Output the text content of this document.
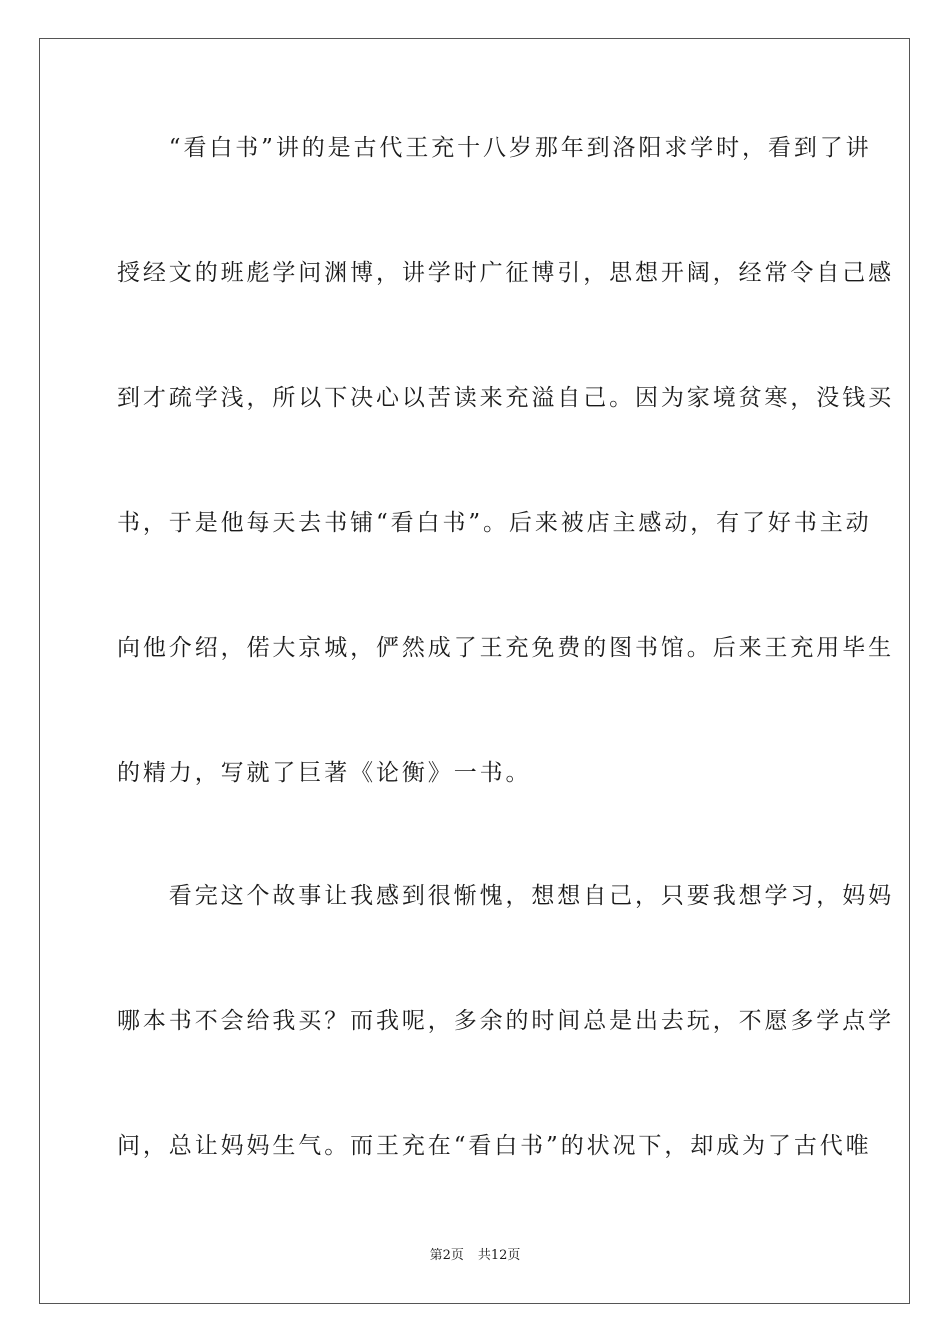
　　“看白书”讲的是古代王充十八岁那年到洛阳求学时，看到了讲
授经文的班彪学问渊博，讲学时广征博引，思想开阔，经常令自己感
到才疏学浅，所以下决心以苦读来充溢自己。因为家境贫寒，没钱买
书，于是他每天去书铺“看白书”。后来被店主感动，有了好书主动
向他介绍，偌大京城，俨然成了王充免费的图书馆。后来王充用毕生
的精力，写就了巨著《论衡》一书。
　　看完这个故事让我感到很惭愧，想想自己，只要我想学习，妈妈
哪本书不会给我买？而我呢，多余的时间总是出去玩，不愿多学点学
问，总让妈妈生气。而王充在“看白书”的状况下，却成为了古代唯
第2页 共12页
